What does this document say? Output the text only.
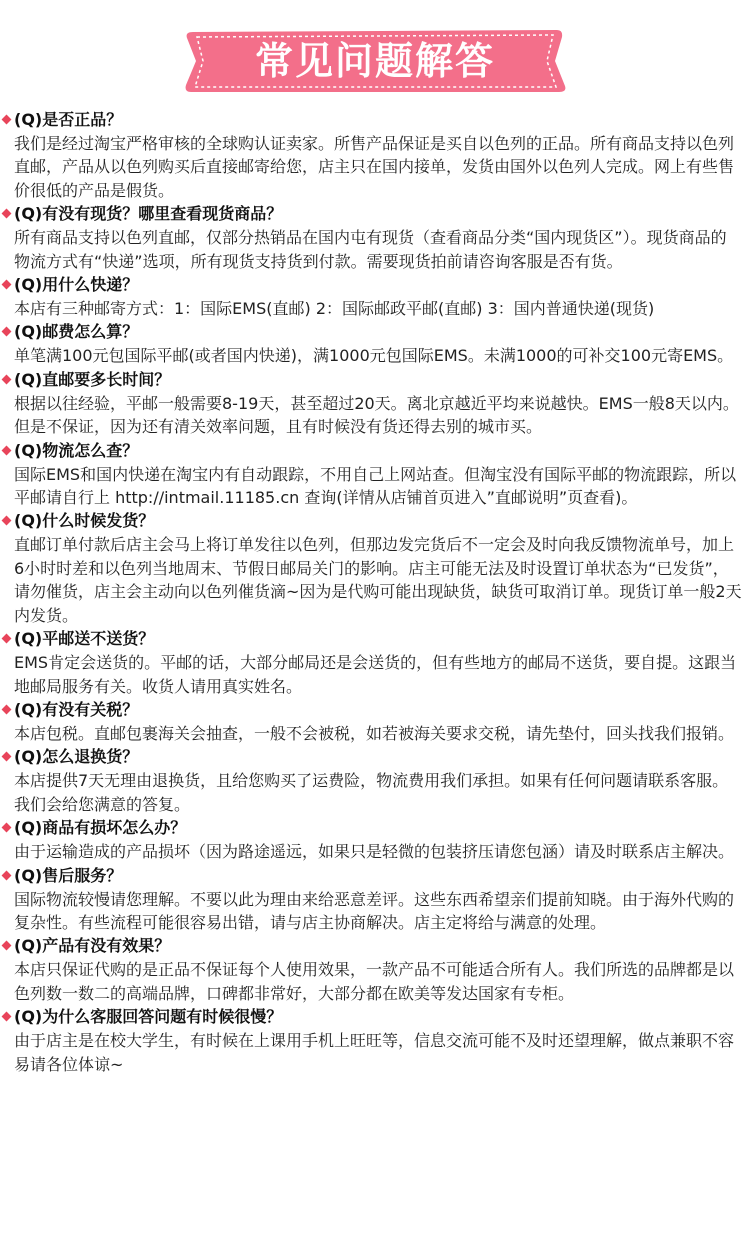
常见问题解答
(Q)是否正品？
我们是经过淘宝严格审核的全球购认证卖家。所售产品保证是买自以色列的正品。所有商品支持以色列直邮，产品从以色列购买后直接邮寄给您，店主只在国内接单，发货由国外以色列人完成。网上有些售价很低的产品是假货。
(Q)有没有现货？哪里查看现货商品？
所有商品支持以色列直邮，仅部分热销品在国内屯有现货（查看商品分类“国内现货区”）。现货商品的物流方式有“快递”选项，所有现货支持货到付款。需要现货拍前请咨询客服是否有货。
(Q)用什么快递？
本店有三种邮寄方式：1：国际EMS(直邮) 2：国际邮政平邮(直邮) 3：国内普通快递(现货)
(Q)邮费怎么算？
单笔满100元包国际平邮(或者国内快递)，满1000元包国际EMS。未满1000的可补交100元寄EMS。
(Q)直邮要多长时间？
根据以往经验，平邮一般需要8-19天，甚至超过20天。离北京越近平均来说越快。EMS一般8天以内。但是不保证，因为还有清关效率问题，且有时候没有货还得去别的城市买。
(Q)物流怎么查？
国际EMS和国内快递在淘宝内有自动跟踪，不用自己上网站查。但淘宝没有国际平邮的物流跟踪，所以平邮请自行上 http://intmail.11185.cn 查询(详情从店铺首页进入”直邮说明”页查看)。
(Q)什么时候发货？
直邮订单付款后店主会马上将订单发往以色列，但那边发完货后不一定会及时向我反馈物流单号，加上6小时时差和以色列当地周末、节假日邮局关门的影响。店主可能无法及时设置订单状态为“已发货”，请勿催货，店主会主动向以色列催货滴~因为是代购可能出现缺货，缺货可取消订单。现货订单一般2天内发货。
(Q)平邮送不送货？
EMS肯定会送货的。平邮的话，大部分邮局还是会送货的，但有些地方的邮局不送货，要自提。这跟当地邮局服务有关。收货人请用真实姓名。
(Q)有没有关税？
本店包税。直邮包裹海关会抽查，一般不会被税，如若被海关要求交税，请先垫付，回头找我们报销。
(Q)怎么退换货？
本店提供7天无理由退换货，且给您购买了运费险，物流费用我们承担。如果有任何问题请联系客服。我们会给您满意的答复。
(Q)商品有损坏怎么办？
由于运输造成的产品损坏（因为路途遥远，如果只是轻微的包装挤压请您包涵）请及时联系店主解决。
(Q)售后服务？
国际物流较慢请您理解。不要以此为理由来给恶意差评。这些东西希望亲们提前知晓。由于海外代购的复杂性。有些流程可能很容易出错，请与店主协商解决。店主定将给与满意的处理。
(Q)产品有没有效果？
本店只保证代购的是正品不保证每个人使用效果，一款产品不可能适合所有人。我们所选的品牌都是以色列数一数二的高端品牌，口碑都非常好，大部分都在欧美等发达国家有专柜。
(Q)为什么客服回答问题有时候很慢？
由于店主是在校大学生，有时候在上课用手机上旺旺等，信息交流可能不及时还望理解，做点兼职不容易请各位体谅~
